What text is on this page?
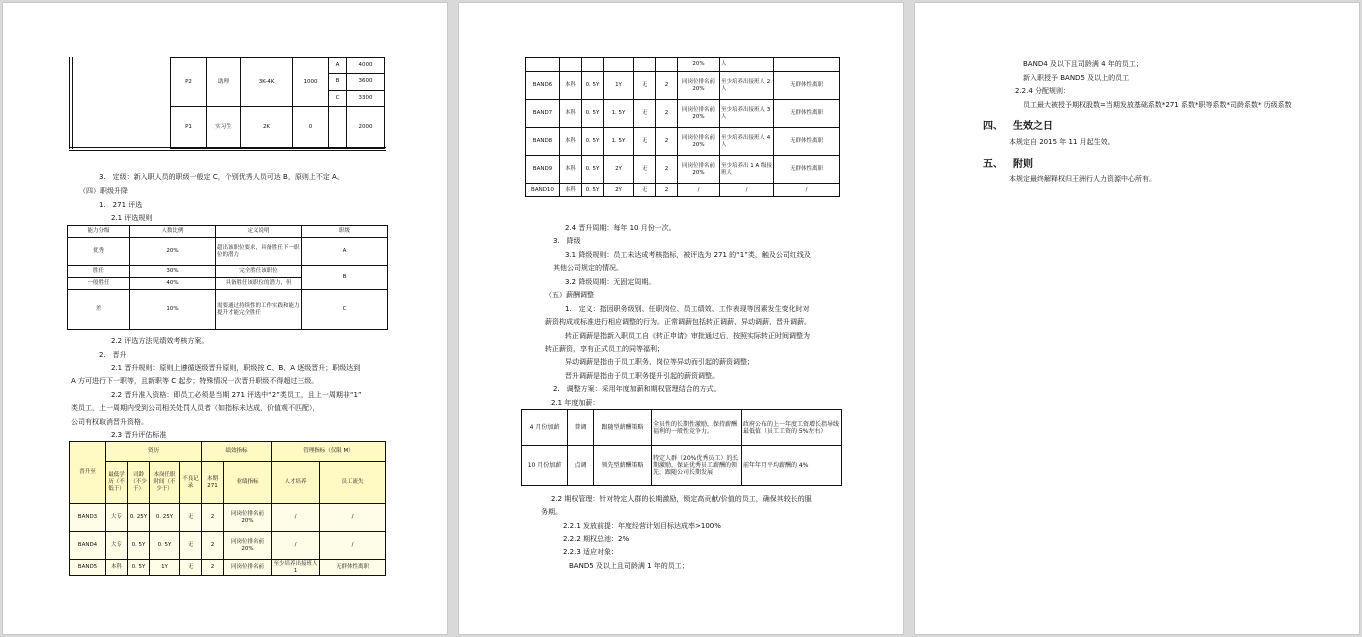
P2	助理	3K-4K	1000	A	4000
				B	3600
				C	3300
P1	实习生	2K	0		2000
3.　定级：新入职人员的职级一般定 C，个别优秀人员可达 B，原则上不定 A。
（四）职级升降
1.　271 评选
2.1 评选规则
能力分级	人数比例	定义说明	职级
优秀	20%	超出该职位要求，具备胜任下一职位的潜力	A
胜任	30%	完全胜任该职位	B
一般胜任	40%	具备胜任该职位的潜力，但	
差	10%	需要通过持续性的工作实践和能力提升才能完全胜任	C
2.2 评选方法见绩效考核方案。
2.　晋升
2.1 晋升规则：原则上遵循逐级晋升原则，职级按 C、B、A 逐级晋升；职级达到
A 方可进行下一职等，且新职等 C 起步；特殊情况一次晋升职级不得超过三级。
2.2 晋升准入资格：即员工必须是当期 271 评选中“2”类员工，且上一周期非“1”
类员工，上一周期内受到公司相关处罚人员者（如指标未达成，价值观不匹配），
公司有权取消晋升资格。
2.3 晋升评估标准
晋升至	资历				绩效指标		管理指标（仅限 M）	
	最低学历（不低于）	司龄（不少于）	本岗任职时间（不少于）	不良记录	本期 271	业绩指标	人才培养	员工流失
BAND3	大专	0. 25Y	0. 25Y	无	2	同岗位排名前 20%	/	/
BAND4	大专	0. 5Y	0. 5Y	无	2	同岗位排名前 20%	/	/
BAND5	本科	0. 5Y	1Y	无	2	同岗位排名前	至少培养出接班人 1	无群体性离职
						20%	人	
BAND6	本科	0. 5Y	1Y	无	2	同岗位排名前 20%	至少培养出接班人 2 人	无群体性离职
BAND7	本科	0. 5Y	1. 5Y	无	2	同岗位排名前 20%	至少培养出接班人 3 人	无群体性离职
BAND8	本科	0. 5Y	1. 5Y	无	2	同岗位排名前 20%	至少培养出接班人 4 人	无群体性离职
BAND9	本科	0. 5Y	2Y	无	2	同岗位排名前 20%	至少培养出 1 A 级接班人	无群体性离职
BAND10	本科	0. 5Y	2Y	无	2	/	/	/
2.4 晋升周期：每年 10 月份一次。
3.　降级
3.1 降级规则：员工未达成考核指标，被评选为 271 的“1”类，触及公司红线及
其他公司规定的情况。
3.2 降级周期：无固定周期。
（五）薪酬调整
1.　定义：指因职务级别、任职岗位、员工绩效、工作表现等因素发生变化时对
薪资构成或标准进行相应调整的行为。正常调薪包括转正调薪、异动调薪、晋升调薪。
转正调薪是指新入职员工自《转正申请》审批通过后，按照实际转正时间调整为
转正薪资，享有正式员工的同等福利；
异动调薪是指由于员工职务、岗位等异动而引起的薪资调整；
晋升调薪是指由于员工职务提升引起的薪资调整。
2.　调整方案：采用年度加薪和期权管理结合的方式。
2.1 年度加薪：
4 月份加薪	普调	跟随型薪酬策略	全员性的长期性激励，保持薪酬福利的一般性竞争力。	政府公布的上一年度工资增长指导线最低值（员工工资的 5%左右）
10 月份加薪	点调	领先型薪酬策略	特定人群（20%优秀员工）的长期激励，保证优秀员工薪酬的领先，跟随公司长期发展	前年年月平均薪酬的 4%
2.2 期权管理：针对特定人群的长期激励，锁定高贡献/价值的员工，确保其较长的服
务期。
2.2.1 发放前提：年度经营计划目标达成率>100%
2.2.2 期权总池：2%
2.2.3 适应对象：
BAND5 及以上且司龄满 1 年的员工；
BAND4 及以下且司龄满 4 年的员工；
新入职授予 BAND5 及以上的员工
2.2.4 分配规则：
员工最大被授予期权股数=当期发放基础系数*271 系数*职等系数*司龄系数* 历级系数
四、 生效之日
本规定自 2015 年 11 月起生效。
五、 附则
本规定最终解释权归王洲行人力资源中心所有。
